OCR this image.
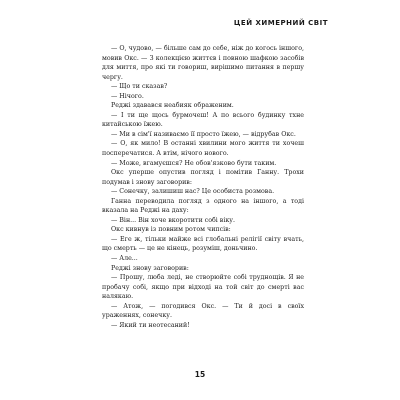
ЦЕЙ ХИМЕРНИЙ СВІТ

— О, чудово, — більше сам до себе, ніж до когось іншого, мовив Окс. — З колекцією життєв і повною шафкою засобів для миття, про які ти говориш, вирішимо питання в першу чергу.

— Що ти сказав?

— Нічого.

Реджі здавався неабияк ображеним.

— І ти ще щось бурмочеш! А по всього будинку тхне китайською їжею.

— Ми в сім'ї називаємо її просто їжею, — відрубав Окс.

— О, як мило! В останні хвилини мого життя ти хочеш посперечатися. А втім, нічого нового.

— Може, вгамуєшся? Не обов'язково бути таким.

Окс уперше опустив погляд і помітив Ганну. Трохи подумав і знову заговорив:

— Сонечку, залишиш нас? Це особиста розмова.

Ганна переводила погляд з одного на іншого, а тоді вказала на Реджі на даху:

— Він... Він хоче вкоротити собі віку.

Окс кивнув із повним ротом чипсів:

— Еге ж, тільки майже всі глобальні релігії світу вчать, що смерть — це не кінець, розуміш, доньчино.

— Але...

Реджі знову заговорив:

— Прошу, люба леді, не створюйте собі труднощів. Я не пробачу собі, якщо при відході на той світ до смерті вас налякаю.

— Атож, — погодився Окс. — Ти й досі в своїх ураженнях, сонечку.

— Який ти неотесаний!

15
